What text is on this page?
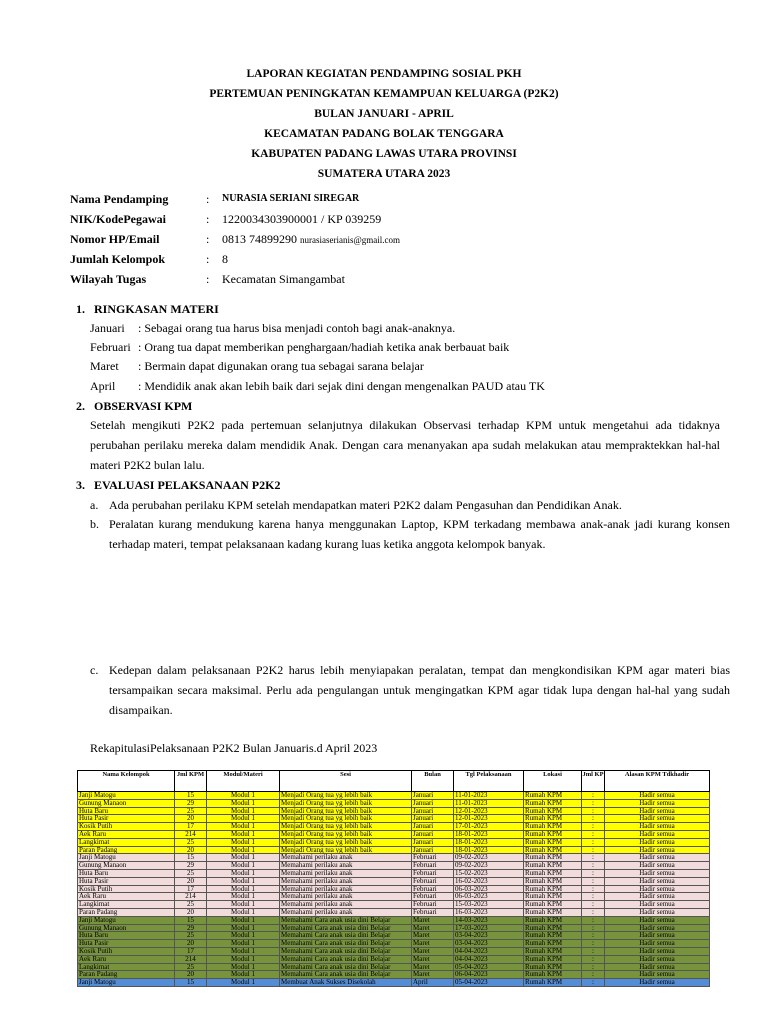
LAPORAN KEGIATAN PENDAMPING SOSIAL PKH
PERTEMUAN PENINGKATAN KEMAMPUAN KELUARGA (P2K2)
BULAN JANUARI - APRIL
KECAMATAN PADANG BOLAK TENGGARA
KABUPATEN PADANG LAWAS UTARA PROVINSI
SUMATERA UTARA 2023
Nama Pendamping	: NURASIA SERIANI SIREGAR
NIK/KodePegawai	: 1220034303900001 / KP 039259
Nomor HP/Email	: 0813 74899290 nurasiaserianis@gmail.com
Jumlah Kelompok	: 8
Wilayah Tugas	: Kecamatan Simangambat
1. RINGKASAN MATERI
Januari : Sebagai orang tua harus bisa menjadi contoh bagi anak-anaknya.
Februari : Orang tua dapat memberikan penghargaan/hadiah ketika anak berbauat baik
Maret : Bermain dapat digunakan orang tua sebagai sarana belajar
April : Mendidik anak akan lebih baik dari sejak dini dengan mengenalkan PAUD atau TK
2. OBSERVASI KPM
Setelah mengikuti P2K2 pada pertemuan selanjutnya dilakukan Observasi terhadap KPM untuk mengetahui ada tidaknya perubahan perilaku mereka dalam mendidik Anak. Dengan cara menanyakan apa sudah melakukan atau mempraktekkan hal-hal materi P2K2 bulan lalu.
3. EVALUASI PELAKSANAAN P2K2
a. Ada perubahan perilaku KPM setelah mendapatkan materi P2K2 dalam Pengasuhan dan Pendidikan Anak.
b. Peralatan kurang mendukung karena hanya menggunakan Laptop, KPM terkadang membawa anak-anak jadi kurang konsen terhadap materi, tempat pelaksanaan kadang kurang luas ketika anggota kelompok banyak.
c. Kedepan dalam pelaksanaan P2K2 harus lebih menyiapakan peralatan, tempat dan mengkondisikan KPM agar materi bias tersampaikan secara maksimal. Perlu ada pengulangan untuk mengingatkan KPM agar tidak lupa dengan hal-hal yang sudah disampaikan.
RekapitulasiPelaksanaan P2K2 Bulan Januaris.d April 2023
Nama Kelompok	Jml KPM	Modul/Materi	Sesi	Bulan	Tgl Pelaksanaan	Lokasi	Jml KP	Alasan KPM Tdkhadir
Janji Matogu	15	Modul 1	Menjadi Orang tua yg lebih baik	Januari	11-01-2023	Rumah KPM	:	Hadir semua
Gunung Manaon	29	Modul 1	Menjadi Orang tua yg lebih baik	Januari	11-01-2023	Rumah KPM	:	Hadir semua
Huta Baru	25	Modul 1	Menjadi Orang tua yg lebih baik	Januari	12-01-2023	Rumah KPM	:	Hadir semua
Huta Pasir	20	Modul 1	Menjadi Orang tua yg lebih baik	Januari	12-01-2023	Rumah KPM	:	Hadir semua
Kosik Putih	17	Modul 1	Menjadi Orang tua yg lebih baik	Januari	17-01-2023	Rumah KPM	:	Hadir semua
Aek Raru	214	Modul 1	Menjadi Orang tua yg lebih baik	Januari	18-01-2023	Rumah KPM	:	Hadir semua
Langkimat	25	Modul 1	Menjadi Orang tua yg lebih baik	Januari	18-01-2023	Rumah KPM	:	Hadir semua
Paran Padang	20	Modul 1	Menjadi Orang tua yg lebih baik	Januari	18-01-2023	Rumah KPM	:	Hadir semua
Janji Matogu	15	Modul 1	Memahami perilaku anak	Februari	09-02-2023	Rumah KPM	:	Hadir semua
Gunung Manaon	29	Modul 1	Memahami perilaku anak	Februari	09-02-2023	Rumah KPM	:	Hadir semua
Huta Baru	25	Modul 1	Memahami perilaku anak	Februari	15-02-2023	Rumah KPM	:	Hadir semua
Huta Pasir	20	Modul 1	Memahami perilaku anak	Februari	16-02-2023	Rumah KPM	:	Hadir semua
Kosik Putih	17	Modul 1	Memahami perilaku anak	Februari	06-03-2023	Rumah KPM	:	Hadir semua
Aek Raru	214	Modul 1	Memahami perilaku anak	Februari	06-03-2023	Rumah KPM	:	Hadir semua
Langkimat	25	Modul 1	Memahami perilaku anak	Februari	15-03-2023	Rumah KPM	:	Hadir semua
Paran Padang	20	Modul 1	Memahami perilaku anak	Februari	16-03-2023	Rumah KPM	:	Hadir semua
Janji Matogu	15	Modul 1	Memahami Cara anak usia dini Belajar	Maret	14-03-2023	Rumah KPM	:	Hadir semua
Gunung Manaon	29	Modul 1	Memahami Cara anak usia dini Belajar	Maret	17-03-2023	Rumah KPM	:	Hadir semua
Huta Baru	25	Modul 1	Memahami Cara anak usia dini Belajar	Maret	03-04-2023	Rumah KPM	:	Hadir semua
Huta Pasir	20	Modul 1	Memahami Cara anak usia dini Belajar	Maret	03-04-2023	Rumah KPM	:	Hadir semua
Kosik Putih	17	Modul 1	Memahami Cara anak usia dini Belajar	Maret	04-04-2023	Rumah KPM	:	Hadir semua
Aek Raru	214	Modul 1	Memahami Cara anak usia dini Belajar	Maret	04-04-2023	Rumah KPM	:	Hadir semua
Langkimat	25	Modul 1	Memahami Cara anak usia dini Belajar	Maret	05-04-2023	Rumah KPM	:	Hadir semua
Paran Padang	20	Modul 1	Memahami Cara anak usia dini Belajar	Maret	06-04-2023	Rumah KPM	:	Hadir semua
Janji Matogu	15	Modul 1	Membuat Anak Sukses Disekolah	April	05-04-2023	Rumah KPM	:	Hadir semua
